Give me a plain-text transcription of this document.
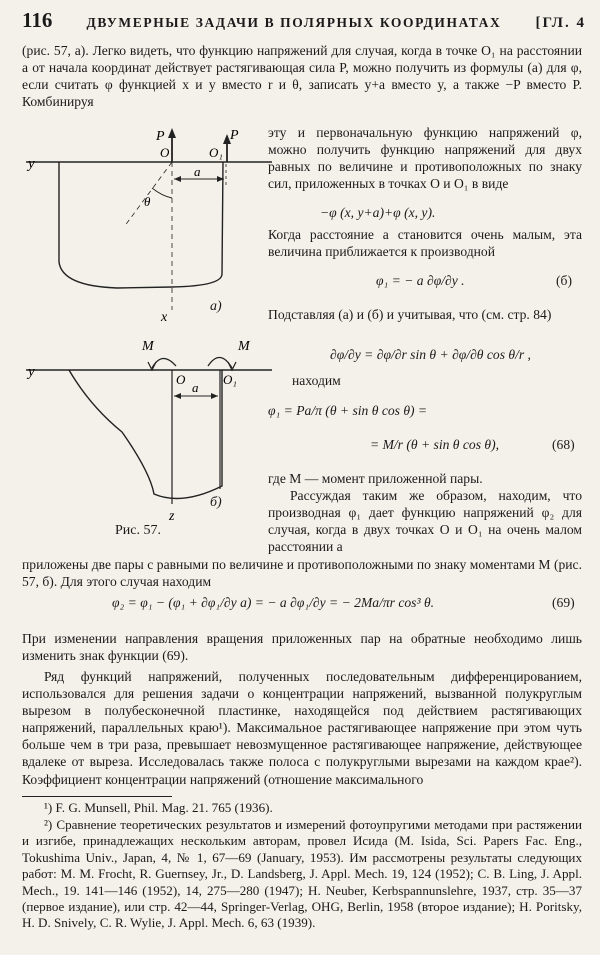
116	ДВУМЕРНЫЕ ЗАДАЧИ В ПОЛЯРНЫХ КООРДИНАТАХ [ГЛ. 4
(рис. 57, a). Легко видеть, что функцию напряжений для случая, когда в точке O₁ на расстоянии a от начала координат действует растягивающая сила P, можно получить из формулы (а) для φ, если считать φ функцией x и y вместо r и θ, записать y+a вместо y, а также −P вместо P. Комбинируя
y
x
P	P
O	O₁
a
θ
а)
y
z
M	M
O	O₁
a
б)
Рис. 57.
эту и первоначальную функцию напряжений φ, можно получить функцию напряжений для двух равных по величине и противоположных по знаку сил, приложенных в точках O и O₁ в виде
−φ (x, y+a)+φ (x, y).
Когда расстояние a становится очень малым, эта величина приближается к производной
φ₁ = − a ∂φ/∂y .	(б)
Подставляя (а) и (б) и учитывая, что (см. стр. 84)
∂φ/∂y = ∂φ/∂r sin θ + ∂φ/∂θ cos θ/r ,
находим
φ₁ = Pa/π (θ + sin θ cos θ) =
= M/r (θ + sin θ cos θ),	(68)
где M — момент приложенной пары.
Рассуждая таким же образом, находим, что производная φ₁ дает функцию напряжений φ₂ для случая, когда в двух точках O и O₁ на очень малом расстоянии a
приложены две пары с равными по величине и противоположными по знаку моментами M (рис. 57, б). Для этого случая находим
φ₂ = φ₁ − (φ₁ + ∂φ₁/∂y a) = − a ∂φ₁/∂y = − 2Ma/πr cos³ θ.	(69)
При изменении направления вращения приложенных пар на обратные необходимо лишь изменить знак функции (69).
Ряд функций напряжений, полученных последовательным дифференцированием, использовался для решения задачи о концентрации напряжений, вызванной полукруглым вырезом в полубесконечной пластинке, находящейся под действием растягивающих напряжений, параллельных краю¹). Максимальное растягивающее напряжение при этом чуть больше чем в три раза, превышает невозмущенное растягивающее напряжение, действующее вдалеке от выреза. Исследовалась также полоса с полукруглыми вырезами на каждом крае²). Коэффициент концентрации напряжений (отношение максимального
¹) F. G. Munsell, Phil. Mag. 21. 765 (1936).
²) Сравнение теоретических результатов и измерений фотоупругими методами при растяжении и изгибе, принадлежащих нескольким авторам, провел Исида (M. Isida, Sci. Papers Fac. Eng., Tokushima Univ., Japan, 4, № 1, 67—69 (January, 1953). Им рассмотрены результаты следующих работ: M. M. Frocht, R. Guernsey, Jr., D. Landsberg, J. Appl. Mech. 19, 124 (1952); C. B. Ling, J. Appl. Mech., 19. 141—146 (1952), 14, 275—280 (1947); H. Neuber, Kerbspannunslehre, 1937, стр. 35—37 (первое издание), или стр. 42—44, Springer-Verlag, OHG, Berlin, 1958 (второе издание); H. Poritsky, H. D. Snively, C. R. Wylie, J. Appl. Mech. 6, 63 (1939).
